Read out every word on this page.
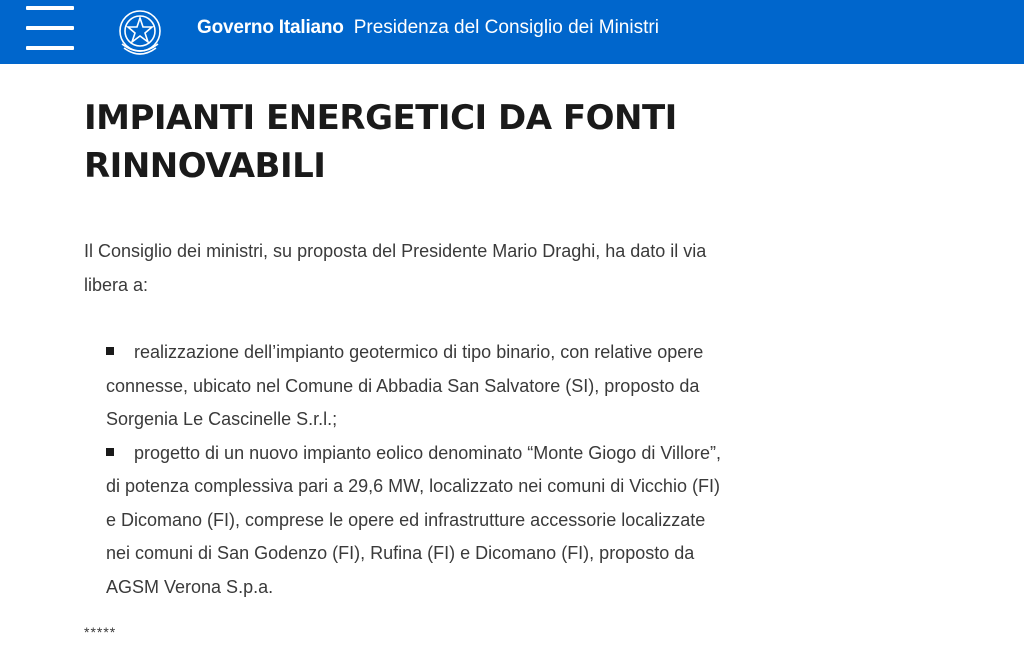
Governo Italiano Presidenza del Consiglio dei Ministri
IMPIANTI ENERGETICI DA FONTI RINNOVABILI

Il Consiglio dei ministri, su proposta del Presidente Mario Draghi, ha dato il via libera a:

realizzazione dell’impianto geotermico di tipo binario, con relative opere connesse, ubicato nel Comune di Abbadia San Salvatore (SI), proposto da Sorgenia Le Cascinelle S.r.l.;
progetto di un nuovo impianto eolico denominato “Monte Giogo di Villore”, di potenza complessiva pari a 29,6 MW, localizzato nei comuni di Vicchio (FI) e Dicomano (FI), comprese le opere ed infrastrutture accessorie localizzate nei comuni di San Godenzo (FI), Rufina (FI) e Dicomano (FI), proposto da AGSM Verona S.p.a.
*****
